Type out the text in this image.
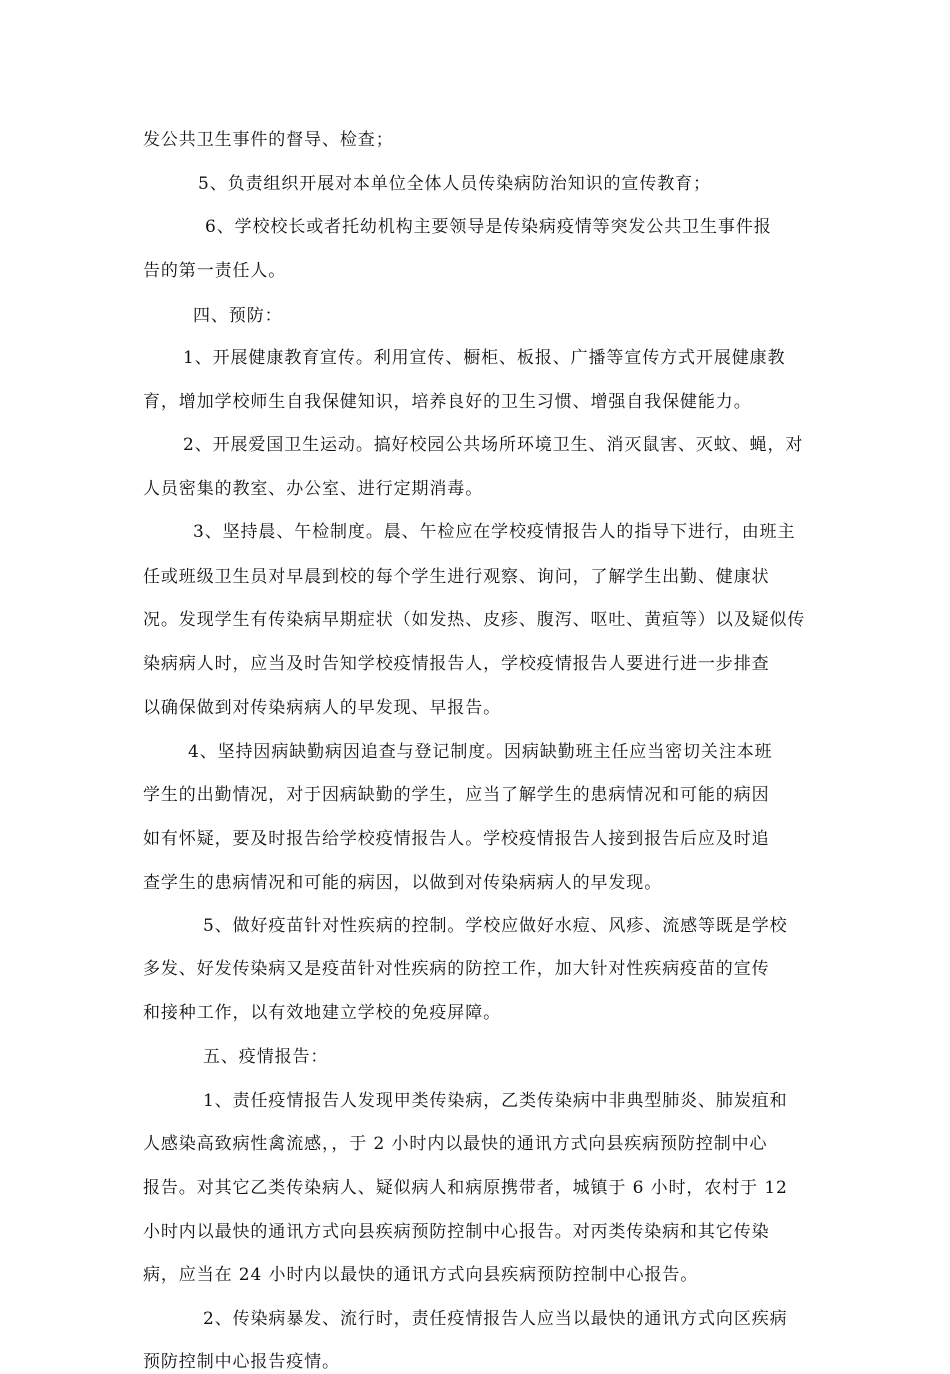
发公共卫生事件的督导、检查；
5、负责组织开展对本单位全体人员传染病防治知识的宣传教育；
6、学校校长或者托幼机构主要领导是传染病疫情等突发公共卫生事件报
告的第一责任人。
四、预防：
1、开展健康教育宣传。利用宣传、橱柜、板报、广播等宣传方式开展健康教
育，增加学校师生自我保健知识，培养良好的卫生习惯、增强自我保健能力。
2、开展爱国卫生运动。搞好校园公共场所环境卫生、消灭鼠害、灭蚊、蝇，对
人员密集的教室、办公室、进行定期消毒。
3、坚持晨、午检制度。晨、午检应在学校疫情报告人的指导下进行，由班主
任或班级卫生员对早晨到校的每个学生进行观察、询问，了解学生出勤、健康状
况。发现学生有传染病早期症状（如发热、皮疹、腹泻、呕吐、黄疸等）以及疑似传
染病病人时，应当及时告知学校疫情报告人，学校疫情报告人要进行进一步排查
以确保做到对传染病病人的早发现、早报告。
4、坚持因病缺勤病因追查与登记制度。因病缺勤班主任应当密切关注本班
学生的出勤情况，对于因病缺勤的学生，应当了解学生的患病情况和可能的病因
如有怀疑，要及时报告给学校疫情报告人。学校疫情报告人接到报告后应及时追
查学生的患病情况和可能的病因，以做到对传染病病人的早发现。
5、做好疫苗针对性疾病的控制。学校应做好水痘、风疹、流感等既是学校
多发、好发传染病又是疫苗针对性疾病的防控工作，加大针对性疾病疫苗的宣传
和接种工作，以有效地建立学校的免疫屏障。
五、疫情报告：
1、责任疫情报告人发现甲类传染病，乙类传染病中非典型肺炎、肺炭疽和
人感染高致病性禽流感，，于 2 小时内以最快的通讯方式向县疾病预防控制中心
报告。对其它乙类传染病人、疑似病人和病原携带者，城镇于 6 小时，农村于 12
小时内以最快的通讯方式向县疾病预防控制中心报告。对丙类传染病和其它传染
病，应当在 24 小时内以最快的通讯方式向县疾病预防控制中心报告。
2、传染病暴发、流行时，责任疫情报告人应当以最快的通讯方式向区疾病
预防控制中心报告疫情。
